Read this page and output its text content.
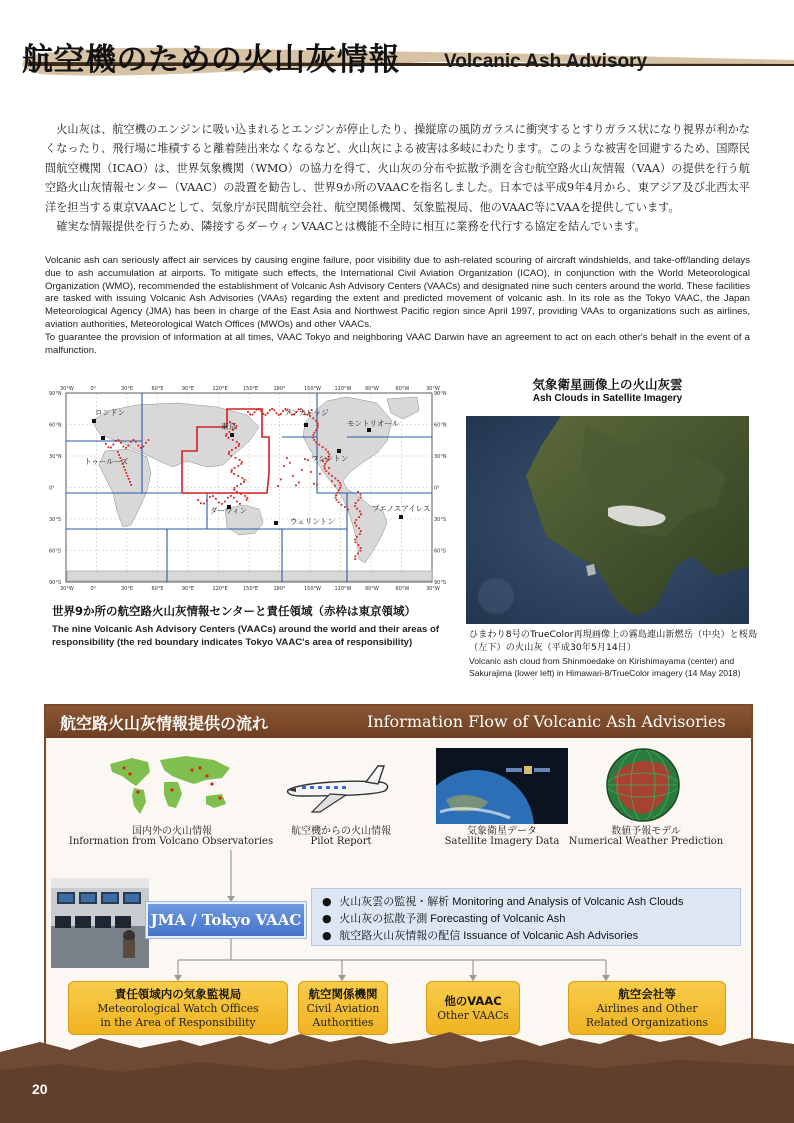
航空機のための火山灰情報 Volcanic Ash Advisory

火山灰は、航空機のエンジンに吸い込まれるとエンジンが停止したり、操縦席の風防ガラスに衝突するとすりガラス状になり視界が利かなくなったり、飛行場に堆積すると離着陸出来なくなるなど、火山灰による被害は多岐にわたります。このような被害を回避するため、国際民間航空機関（ICAO）は、世界気象機関（WMO）の協力を得て、火山灰の分布や拡散予測を含む航空路火山灰情報（VAA）の提供を行う航空路火山灰情報センター（VAAC）の設置を勧告し、世界9か所のVAACを指名しました。日本では平成9年4月から、東アジア及び北西太平洋を担当する東京VAACとして、気象庁が民間航空会社、航空関係機関、気象監視局、他のVAAC等にVAAを提供しています。

確実な情報提供を行うため、隣接するダーウィンVAACとは機能不全時に相互に業務を代行する協定を結んでいます。

Volcanic ash can seriously affect air services by causing engine failure, poor visibility due to ash-related scouring of aircraft windshields, and take-off/landing delays due to ash accumulation at airports. To mitigate such effects, the International Civil Aviation Organization (ICAO), in conjunction with the World Meteorological Organization (WMO), recommended the establishment of Volcanic Ash Advisory Centers (VAACs) and designated nine such centers around the world. These facilities are tasked with issuing Volcanic Ash Advisories (VAAs) regarding the extent and predicted movement of volcanic ash. In its role as the Tokyo VAAC, the Japan Meteorological Agency (JMA) has been in charge of the East Asia and Northwest Pacific region since April 1997, providing VAAs to organizations such as airlines, aviation authorities, Meteorological Watch Offices (MWOs) and other VAACs.

To guarantee the provision of information at all times, VAAC Tokyo and neighboring VAAC Darwin have an agreement to act on each other's behalf in the event of a malfunction.

ロンドン
トゥールーズ
東京
アンカレッジ
モントリオール
ワシントン
ダーウィン
ウェリントン
ブエノスアイレス
30°W
30°W
0°
0°
30°E
30°E
60°E
60°E
90°E
90°E
120°E
120°E
150°E
150°E
180°
180°
150°W
150°W
120°W
120°W
90°W
90°W
60°W
60°W
30°W
30°W
90°N	90°N
60°N	60°N
30°N	30°N
0°	0°
30°S	30°S
60°S	60°S
90°S	90°S
世界9か所の航空路火山灰情報センターと責任領域（赤枠は東京領域）
The nine Volcanic Ash Advisory Centers (VAACs) around the world and their areas of responsibility (the red boundary indicates Tokyo VAAC's area of responsibility)
気象衛星画像上の火山灰雲
Ash Clouds in Satellite Imagery
ひまわり8号のTrueColor再現画像上の霧島連山新燃岳（中央）と桜島（左下）の火山灰（平成30年5月14日）
Volcanic ash cloud from Shinmoedake on Kirishimayama (center) and Sakurajima (lower left) in Himawari-8/TrueColor imagery (14 May 2018)
航空路火山灰情報提供の流れ	Information Flow of Volcanic Ash Advisories
国内外の火山情報
Information from Volcano Observatories
航空機からの火山情報
Pilot Report
気象衛星データ
Satellite Imagery Data
数値予報モデル
Numerical Weather Prediction
JMA / Tokyo VAAC
●  火山灰雲の監視・解析 Monitoring and Analysis of Volcanic Ash Clouds
●  火山灰の拡散予測 Forecasting of Volcanic Ash
●  航空路火山灰情報の配信 Issuance of Volcanic Ash Advisories
責任領域内の気象監視局
Meteorological Watch Offices
in the Area of Responsibility
航空関係機関
Civil Aviation
Authorities
他のVAAC
Other VAACs
航空会社等
Airlines and Other
Related Organizations
20
